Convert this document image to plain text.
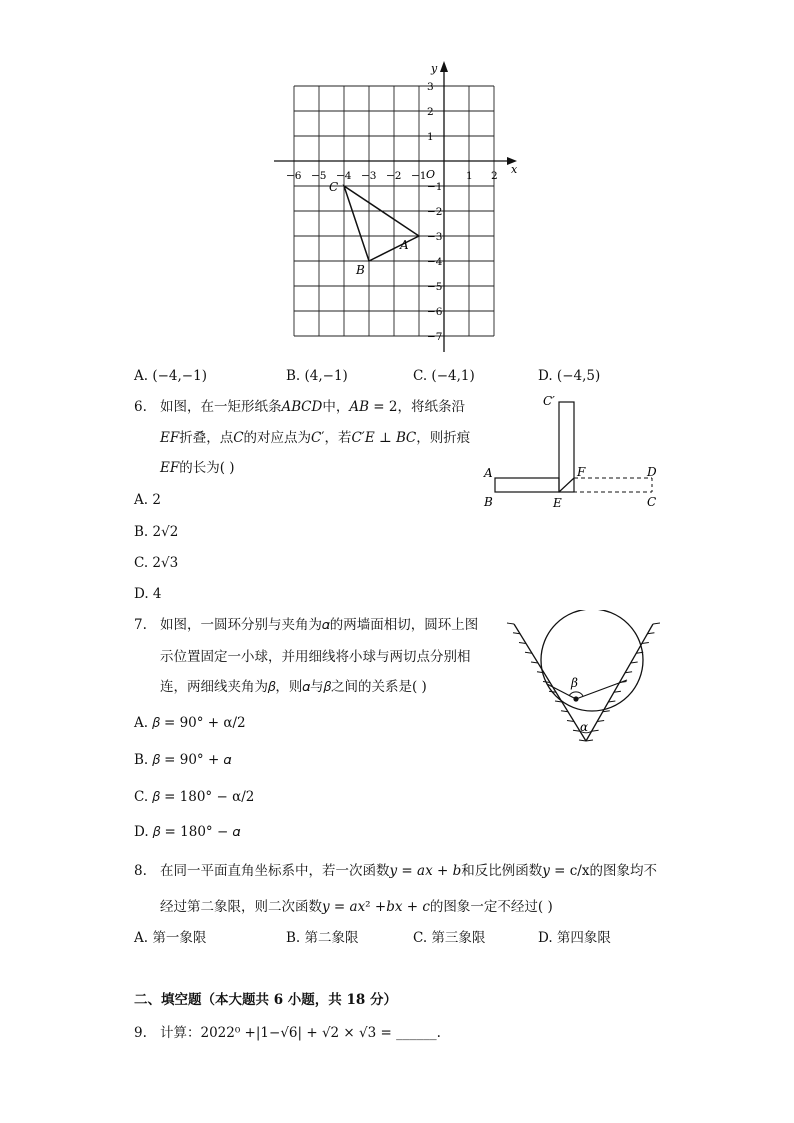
x
y
O
−6 −5 −4 −3 −2 −1	1 2
3
2
1
−1
−2
−3
−4
−5
−6
−7
A
B
C
A. (−4,−1)	B. (4,−1)	C. (−4,1)	D. (−4,5)
6. 如图，在一矩形纸条𝐴𝐵𝐶𝐷中，𝐴𝐵 = 2，将纸条沿
𝐸𝐹折叠，点𝐶的对应点为𝐶′，若𝐶′𝐸 ⊥ 𝐵𝐶，则折痕
𝐸𝐹的长为( )
A. 2
B. 2√2
C. 2√3
D. 4
A
B	E
F	D
C
C′
7. 如图，一圆环分别与夹角为𝛼的两墙面相切，圆环上图
示位置固定一小球，并用细线将小球与两切点分别相
连，两细线夹角为𝛽，则𝛼与𝛽之间的关系是( )
A. 𝛽 = 90° + α/2
B. 𝛽 = 90° + 𝛼
C. 𝛽 = 180° − α/2
D. 𝛽 = 180° − 𝛼
β
α
8. 在同一平面直角坐标系中，若一次函数𝑦 = 𝑎𝑥 + 𝑏和反比例函数𝑦 = c/x的图象均不
经过第二象限，则二次函数𝑦 = 𝑎𝑥² +𝑏𝑥 + 𝑐的图象一定不经过( )
A. 第一象限	B. 第二象限	C. 第三象限	D. 第四象限
二、填空题（本大题共 6 小题，共 18 分）
9. 计算：2022⁰ +|1−√6| + √2 × √3 = ______.
